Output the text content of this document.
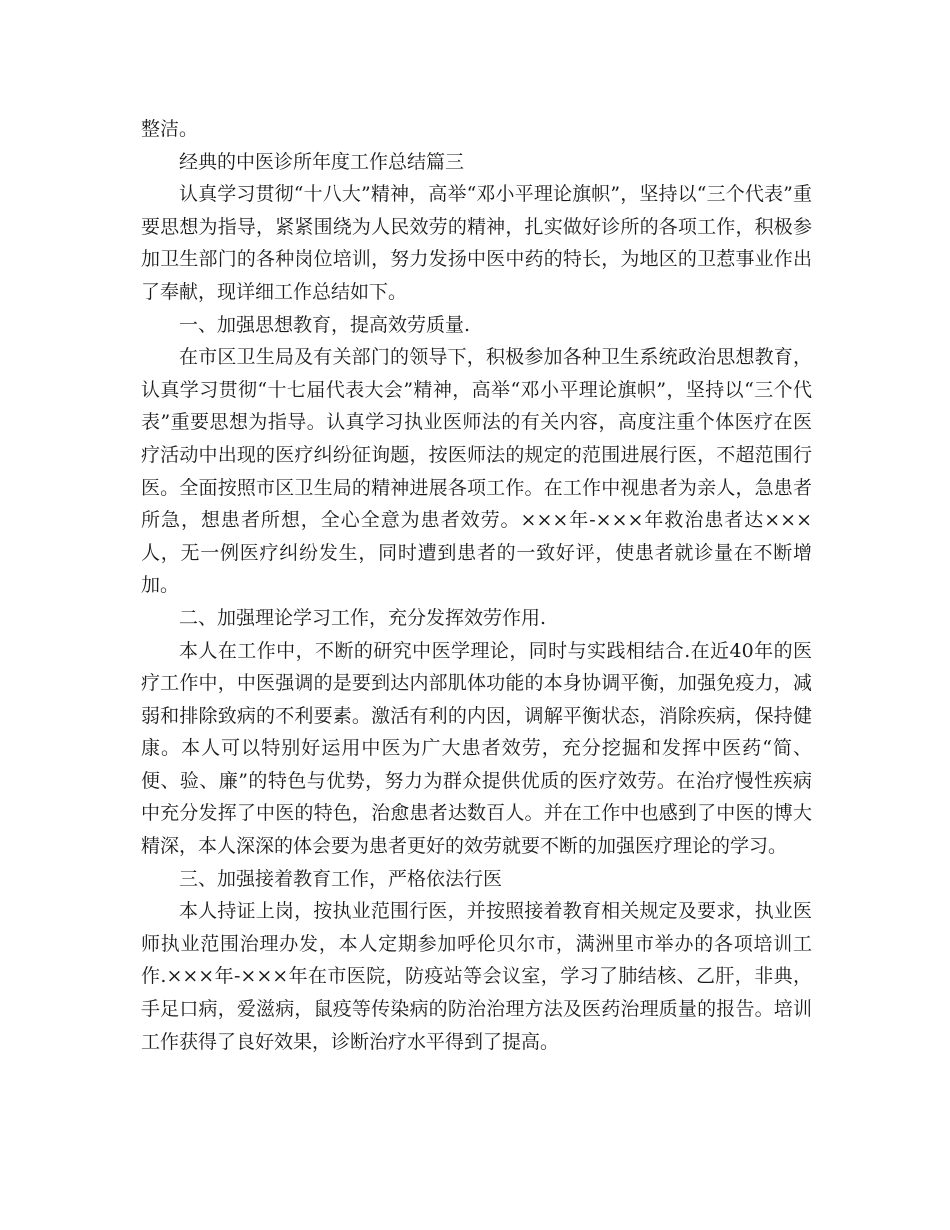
整洁。

经典的中医诊所年度工作总结篇三

认真学习贯彻“十八大”精神，高举“邓小平理论旗帜”，坚持以“三个代表”重要思想为指导，紧紧围绕为人民效劳的精神，扎实做好诊所的各项工作，积极参加卫生部门的各种岗位培训，努力发扬中医中药的特长，为地区的卫惹事业作出了奉献，现详细工作总结如下。

一、加强思想教育，提高效劳质量.

在市区卫生局及有关部门的领导下，积极参加各种卫生系统政治思想教育，认真学习贯彻“十七届代表大会”精神，高举“邓小平理论旗帜”，坚持以“三个代表”重要思想为指导。认真学习执业医师法的有关内容，高度注重个体医疗在医疗活动中出现的医疗纠纷征询题，按医师法的规定的范围进展行医，不超范围行医。全面按照市区卫生局的精神进展各项工作。在工作中视患者为亲人，急患者所急，想患者所想，全心全意为患者效劳。×××年-×××年救治患者达×××人，无一例医疗纠纷发生，同时遭到患者的一致好评，使患者就诊量在不断增加。

二、加强理论学习工作，充分发挥效劳作用.

本人在工作中，不断的研究中医学理论，同时与实践相结合.在近40年的医疗工作中，中医强调的是要到达内部肌体功能的本身协调平衡，加强免疫力，减弱和排除致病的不利要素。激活有利的内因，调解平衡状态，消除疾病，保持健康。本人可以特别好运用中医为广大患者效劳，充分挖掘和发挥中医药“简、便、验、廉”的特色与优势，努力为群众提供优质的医疗效劳。在治疗慢性疾病中充分发挥了中医的特色，治愈患者达数百人。并在工作中也感到了中医的博大精深，本人深深的体会要为患者更好的效劳就要不断的加强医疗理论的学习。

三、加强接着教育工作，严格依法行医

本人持证上岗，按执业范围行医，并按照接着教育相关规定及要求，执业医师执业范围治理办发，本人定期参加呼伦贝尔市，满洲里市举办的各项培训工作.×××年-×××年在市医院，防疫站等会议室，学习了肺结核、乙肝，非典，手足口病，爱滋病，鼠疫等传染病的防治治理方法及医药治理质量的报告。培训工作获得了良好效果，诊断治疗水平得到了提高。
